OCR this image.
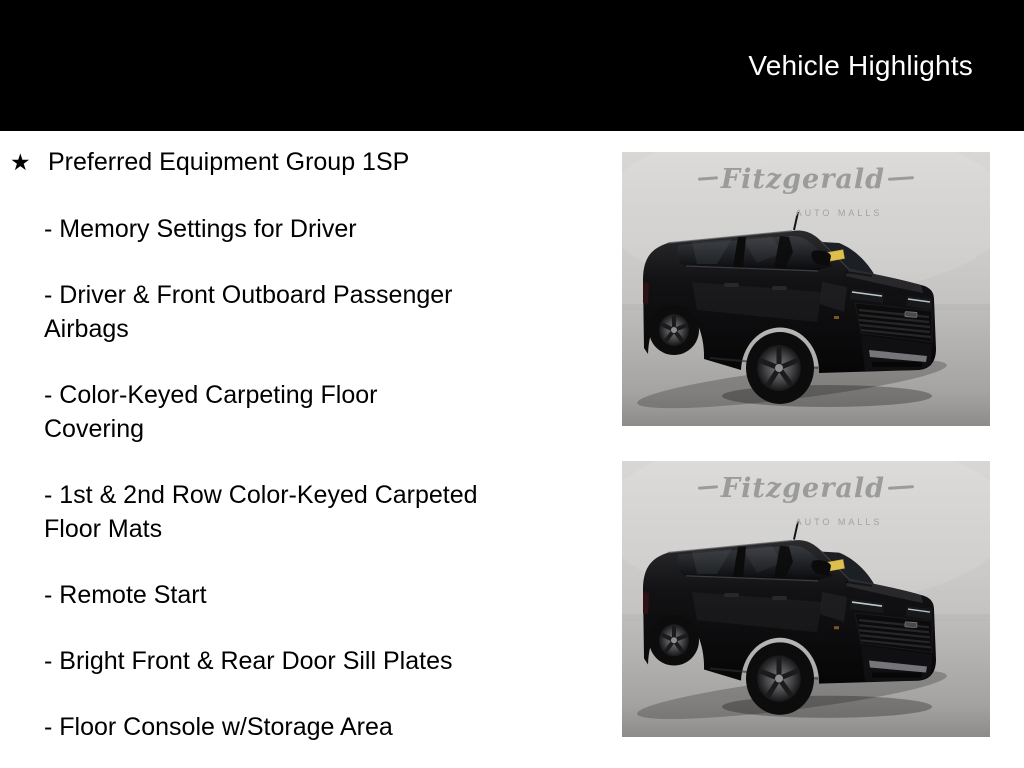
Vehicle Highlights
★ Preferred Equipment Group 1SP
- Memory Settings for Driver
- Driver & Front Outboard Passenger
Airbags
- Color-Keyed Carpeting Floor
Covering
- 1st & 2nd Row Color-Keyed Carpeted
Floor Mats
- Remote Start
- Bright Front & Rear Door Sill Plates
- Floor Console w/Storage Area
Fitzgerald
AUTO MALLS
Fitzgerald
AUTO MALLS
